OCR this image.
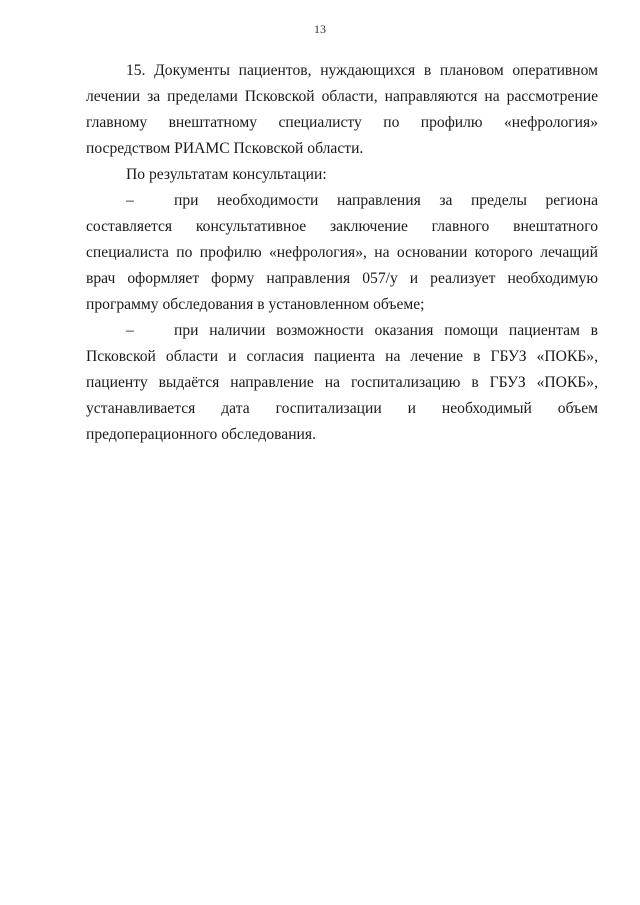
13

15. Документы пациентов, нуждающихся в плановом оперативном лечении за пределами Псковской области, направляются на рассмотрение главному внештатному специалисту по профилю «нефрология» посредством РИАМС Псковской области.

По результатам консультации:

–	при необходимости направления за пределы региона составляется консультативное заключение главного внештатного специалиста по профилю «нефрология», на основании которого лечащий врач оформляет форму направления 057/у и реализует необходимую программу обследования в установленном объеме;

–	при наличии возможности оказания помощи пациентам в Псковской области и согласия пациента на лечение в ГБУЗ «ПОКБ», пациенту выдаётся направление на госпитализацию в ГБУЗ «ПОКБ», устанавливается дата госпитализации и необходимый объем предоперационного обследования.
